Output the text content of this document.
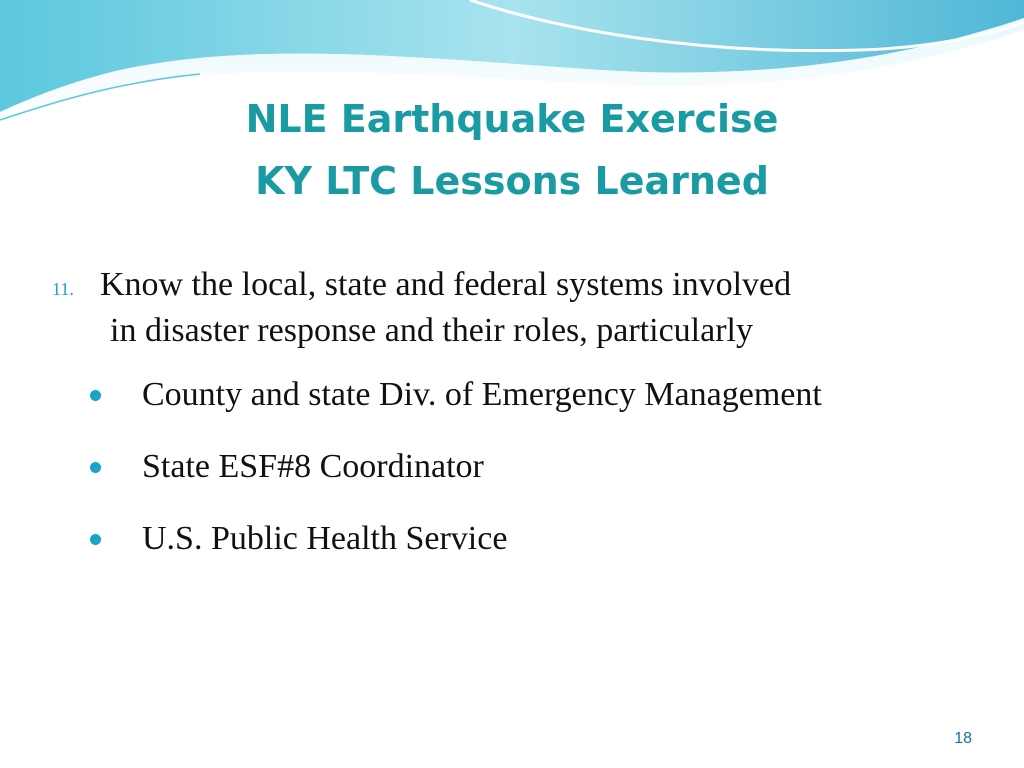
NLE Earthquake Exercise
KY LTC Lessons Learned
11. Know the local, state and federal systems involved
in disaster response and their roles, particularly
County and state Div. of Emergency Management
State ESF#8 Coordinator
U.S. Public Health Service
18
